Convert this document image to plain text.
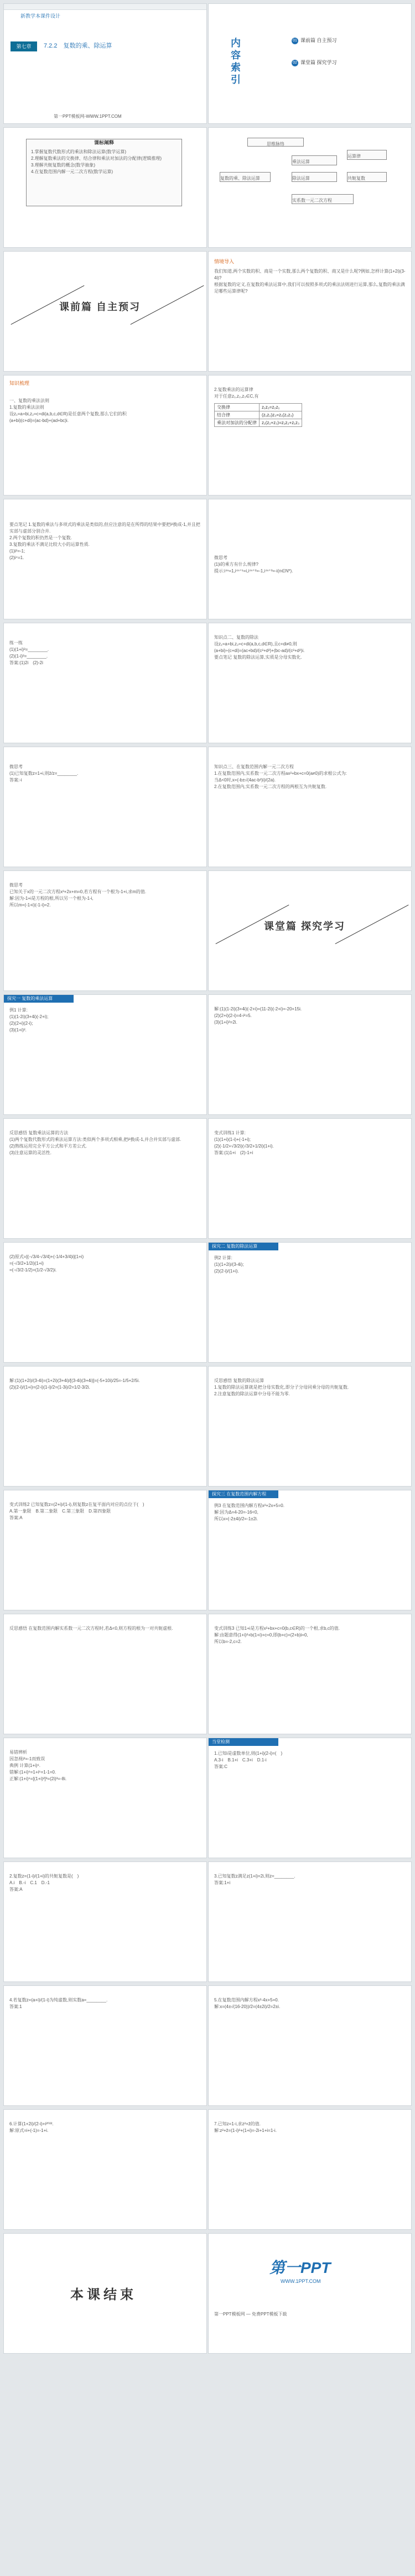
新教学本课件设计
第七章	7.2.2　复数的乘、除运算
第一PPT模板网-WWW.1PPT.COM
内容索引
01 课前篇 自主预习
02 课堂篇 探究学习
课标阐释
1.掌握复数代数形式的乘法和除法运算(数学运算)
2.理解复数乘法的交换律、结合律和乘法对加法的分配律(逻辑推理)
3.理解共轭复数的概念(数学抽象)
4.在复数范围内解一元二次方程(数学运算)
思维脉络
复数的乘、除法运算
乘法运算
除法运算
运算律
共轭复数
实系数一元二次方程
课前篇 自主预习
情境导入
我们知道,两个实数的积、商是一个实数,那么两个复数的积、商又是什么呢?例如,怎样计算(1+2i)(3-4i)?
根据复数的定义,在复数的乘法运算中,我们可以按照多项式的乘法法则进行运算,那么,复数的乘法满足哪些运算律呢?
知识梳理
一、复数的乘法法则
1.复数的乘法法则
设z₁=a+bi,z₂=c+di(a,b,c,d∈R)是任意两个复数,那么它们的积
(a+bi)(c+di)=(ac-bd)+(ad+bc)i.
2.复数乘法的运算律
对于任意z₁,z₂,z₃∈C,有
交换律	z₁z₂=z₂z₁
结合律	(z₁z₂)z₃=z₁(z₂z₃)
乘法对加法的分配律	z₁(z₂+z₃)=z₁z₂+z₁z₃
要点笔记 1.复数的乘法与多项式的乘法是类似的,但应注意的是在所得的结果中要把i²换成-1,并且把实部与虚部分别合并.
2.两个复数的积仍然是一个复数.
3.复数的乘法不满足比较大小的运算性质.
(1)i²=-1;
(2)i⁴=1.	微思考
(1)i的乘方有什么规律?
提示:i⁴ⁿ=1,i⁴ⁿ⁺¹=i,i⁴ⁿ⁺²=-1,i⁴ⁿ⁺³=-i(n∈N*).
练一练
(1)(1+i)²=________.
(2)(1-i)²=________.
答案:(1)2i　(2)-2i
知识点二、复数的除法
设z₁=a+bi,z₂=c+di(a,b,c,d∈R),且c+di≠0,则
(a+bi)÷(c+di)=(ac+bd)/(c²+d²)+(bc-ad)/(c²+d²)i.
要点笔记 复数的除法运算,实质是分母实数化.
微思考
(1)已知复数z=1+i,则z̄/z=________.
答案:-i
知识点三、在复数范围内解一元二次方程
1.在复数范围内,实系数一元二次方程ax²+bx+c=0(a≠0)的求根公式为:
当Δ<0时,x=(-b±√(4ac-b²)i)/(2a).
2.在复数范围内,实系数一元二次方程的两根互为共轭复数.
微思考
已知关于x的一元二次方程x²+2x+m=0,若方程有一个根为-1+i,求m的值.
解:因为-1+i是方程的根,所以另一个根为-1-i,
所以m=(-1+i)(-1-i)=2.
课堂篇 探究学习
探究一 复数的乘法运算
例1 计算:
(1)(1-2i)(3+4i)(-2+i);
(2)(2+i)(2-i);
(3)(1+i)².
解:(1)(1-2i)(3+4i)(-2+i)=(11-2i)(-2+i)=-20+15i.
(2)(2+i)(2-i)=4-i²=5.
(3)(1+i)²=2i.
反思感悟 复数乘法运算的方法
(1)两个复数代数形式的乘法运算方法:类似两个多项式相乘,把i²换成-1,并合并实部与虚部.
(2)熟练运用完全平方公式和平方差公式.
(3)注意运算的灵活性.
变式训练1 计算:
(1)(1+i)(1-i)+(-1+i);
(2)(-1/2+√3/2i)(√3/2+1/2i)(1+i).
答案:(1)1+i　(2)-1+i
(2)原式=[(-√3/4-√3/4)+(-1/4+3/4)i](1+i)
=(-√3/2+1/2i)(1+i)
=(-√3/2-1/2)+(1/2-√3/2)i.
探究二 复数的除法运算
例2 计算:
(1)(1+2i)/(3-4i);
(2)(2-i)/(1+i).
解:(1)(1+2i)/(3-4i)=(1+2i)(3+4i)/[(3-4i)(3+4i)]=(-5+10i)/25=-1/5+2/5i.
(2)(2-i)/(1+i)=(2-i)(1-i)/2=(1-3i)/2=1/2-3/2i.
反思感悟 复数的除法运算
1.复数的除法运算就是把分母实数化,即分子分母同乘分母的共轭复数.
2.注意复数的除法运算中分母不能为零.
变式训练2 已知复数z=(2+i)/(1-i),则复数z在复平面内对应的点位于(　)
A.第一象限　B.第二象限　C.第三象限　D.第四象限
答案:A
探究三 在复数范围内解方程
例3 在复数范围内解方程x²+2x+5=0.
解:因为Δ=4-20=-16<0,
所以x=(-2±4i)/2=-1±2i.
反思感悟 在复数范围内解实系数一元二次方程时,若Δ<0,则方程的根为一对共轭虚根.	变式训练3 已知1+i是方程x²+bx+c=0(b,c∈R)的一个根,求b,c的值.
解:由题意得(1+i)²+b(1+i)+c=0,即(b+c)+(2+b)i=0,
所以b=-2,c=2.
易错辨析
因忽视i²=-1而致误
典例 计算(1+i)⁶.
错解:(1+i)⁶=1+i⁶=1-1=0.
正解:(1+i)⁶=[(1+i)²]³=(2i)³=-8i.
当堂检测
1.已知i是虚数单位,则(1+i)(2-i)=(　)
A.3-i　B.1+i　C.3+i　D.1-i
答案:C
2.复数z=(1-i)/(1+i)的共轭复数是(　)
A.i　B.-i　C.1　D.-1
答案:A
3.已知复数z满足z(1+i)=2i,则z=________.
答案:1+i
4.若复数z=(a+i)/(1-i)为纯虚数,则实数a=________.
答案:1
5.在复数范围内解方程x²-4x+5=0.
解:x=(4±√(16-20))/2=(4±2i)/2=2±i.
6.计算(1+2i)/(2-i)+i²⁰²².
解:原式=i+(-1)=-1+i.
7.已知z=1-i,求z²+z̄的值.
解:z²+z̄=(1-i)²+(1+i)=-2i+1+i=1-i.
本课结束
第一PPT
WWW.1PPT.COM
第一PPT模板网 — 免费PPT模板下载
